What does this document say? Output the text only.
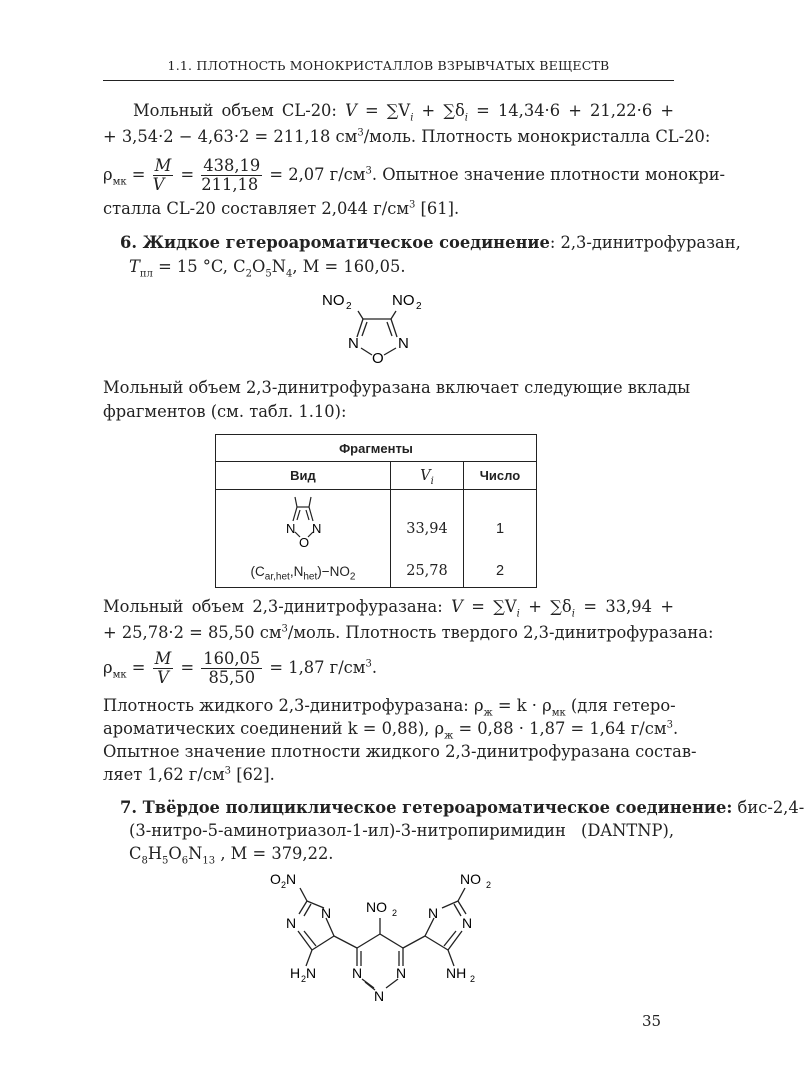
1.1. ПЛОТНОСТЬ МОНОКРИСТАЛЛОВ ВЗРЫВЧАТЫХ ВЕЩЕСТВ
Мольный объем CL-20: $V = \sum V_i + \sum\delta_i = 14,34\cdot 6 + 21,22\cdot 6$ +
+ 3,54·2 − 4,63·2 = 211,18 $см^3$/моль. Плотность монокристалла CL-20:
$\rho_{мк} = \frac{M}{V} = \frac{438,19}{211,18} = 2,07$ $г/см^3$. Опытное значение плотности монокри-
сталла CL-20 составляет 2,044 $г/см^3$ [61].
6. Жидкое гетероароматическое соединение: 2,3-динитрофуразан,
$T_{пл} = 15$ °C, $C_2O_5N_4$, M = 160,05.
NO 2	NO 2
N	N
O
Мольный объем 2,3-динитрофуразана включает следующие вклады
фрагментов (см. табл. 1.10):
Фрагменты		
Вид	$V_i$	Число

N N
O	33,94	1
$(C_{ar,het},N_{het})-NO_2$	25,78	2
Мольный объем 2,3-динитрофуразана: $V = \sum V_i + \sum\delta_i = 33,94$ +
+ 25,78·2 = 85,50 $см^3$/моль. Плотность твердого 2,3-динитрофуразана:
$\rho_{мк} = \frac{M}{V} = \frac{160,05}{85,50} = 1,87$ $г/см^3$.
Плотность жидкого 2,3-динитрофуразана: $\rho_ж = k \cdot \rho_{мк}$ (для гетеро-
ароматических соединений k = 0,88), $\rho_ж = 0,88 \cdot 1,87 = 1,64$ $г/см^3$.
Опытное значение плотности жидкого 2,3-динитрофуразана состав-
ляет 1,62 $г/см^3$ [62].
7. Твёрдое полициклическое гетероароматическое соединение: бис-2,4-
(3-нитро-5-аминотриазол-1-ил)-3-нитропиримидин (DANTNP),
$C_8H_5O_6N_{13}$ , M = 379,22.
O 2 N
N
N
H 2 N
NO 2
N N
N
N
N
NO 2
NH 2
35
